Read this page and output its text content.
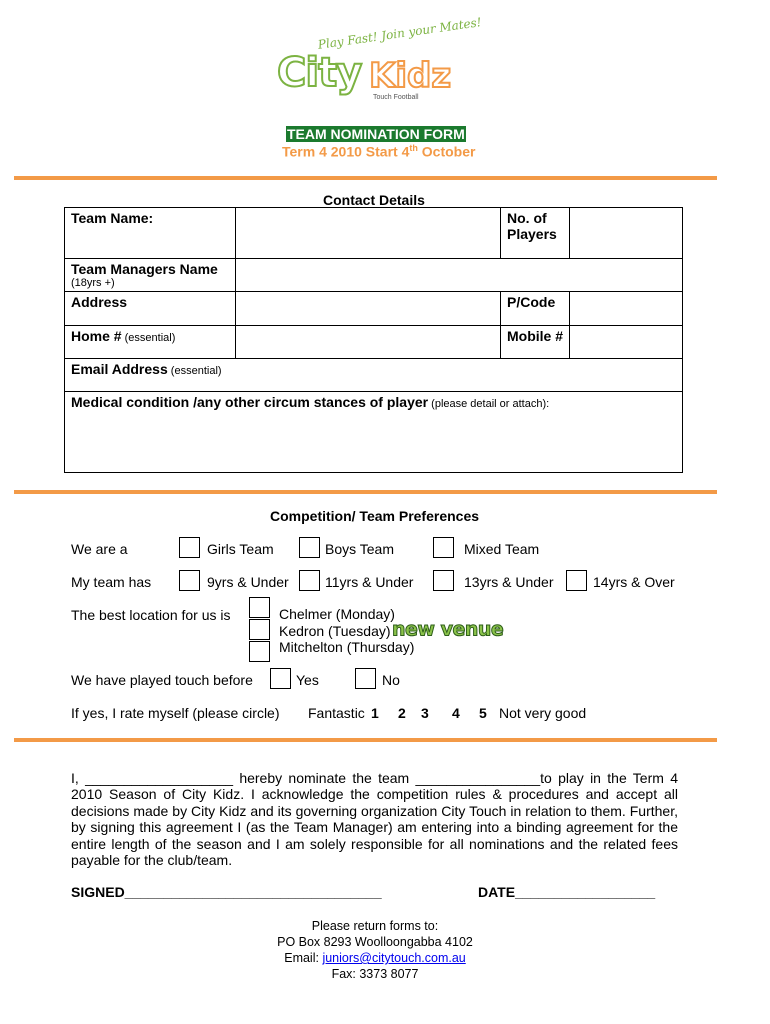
Play Fast! Join your Mates!
City Kidz
Touch Football
TEAM NOMINATION FORM
Term 4 2010 Start 4th October
Contact Details
Team Name:		No. of
Players	

Team Managers Name
(18yrs +)			

Address		P/Code	

Home # (essential)		Mobile #	

Email Address (essential)			

Medical condition /any other circum stances of player (please detail or attach):			
Competition/ Team Preferences
We are a	Girls Team	Boys Team	Mixed Team
My team has	9yrs & Under	11yrs & Under	13yrs & Under	14yrs & Over
The best location for us is	Chelmer (Monday)
Kedron (Tuesday) new venue
Mitchelton (Thursday)
We have played touch before	Yes	No
If yes, I rate myself (please circle) Fantastic 1 2 3 4 5 Not very good
I, ___________________ hereby nominate the team ________________to play in the Term 4 2010 Season of City Kidz. I acknowledge the competition rules & procedures and accept all decisions made by City Kidz and its governing organization City Touch in relation to them. Further, by signing this agreement I (as the Team Manager) am entering into a binding agreement for the entire length of the season and I am solely responsible for all nominations and the related fees payable for the club/team.
SIGNED_________________________________	DATE__________________
Please return forms to:
PO Box 8293 Woolloongabba 4102
Email: juniors@citytouch.com.au
Fax: 3373 8077
